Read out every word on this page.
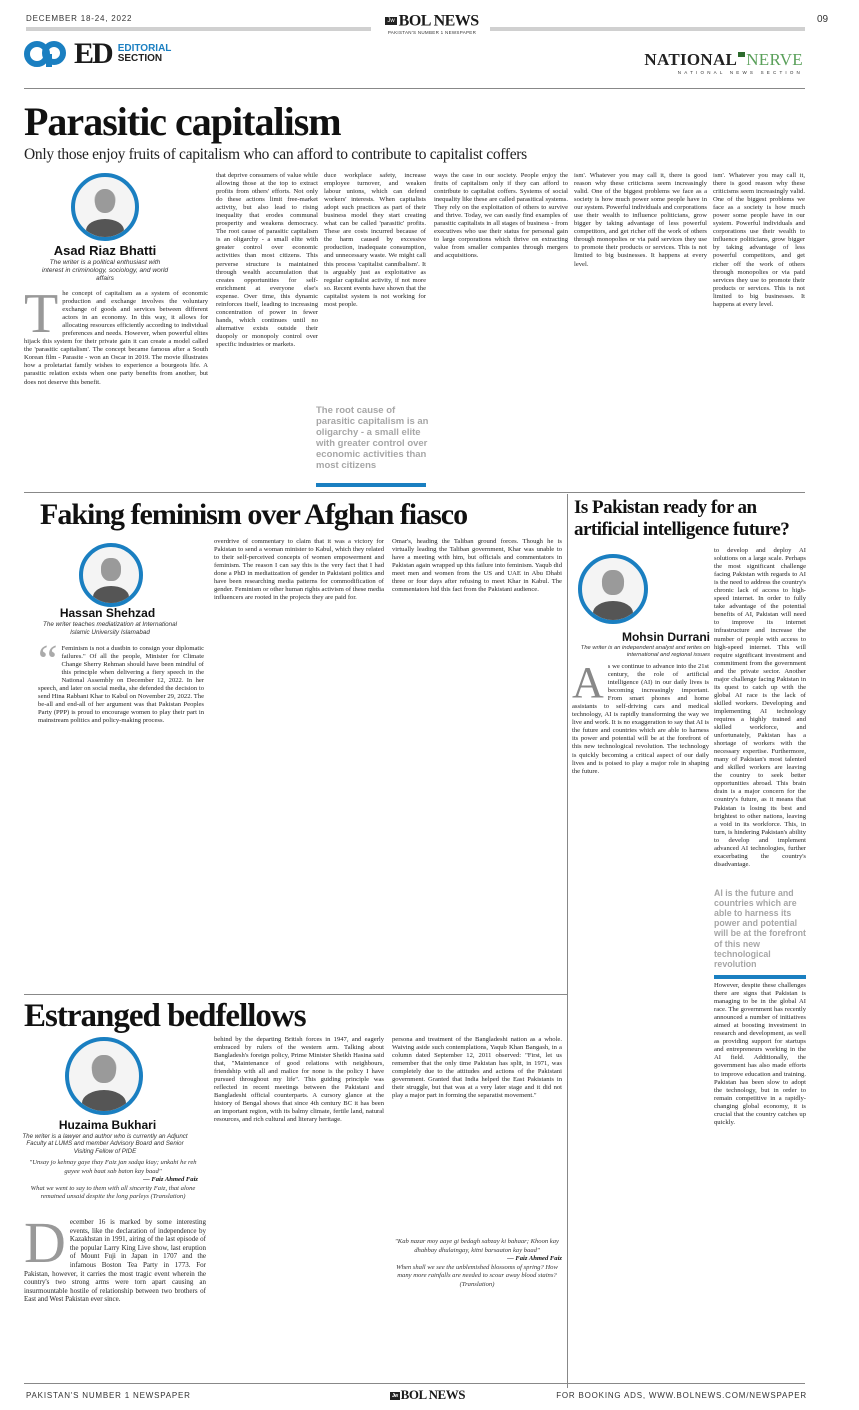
DECEMBER 18-24, 2022	Jw BOL NEWS
PAKISTAN'S NUMBER 1 NEWSPAPER
09
ED EDITORIAL
SECTION	NATIONAL NERVE
NATIONAL NEWS SECTION
Parasitic capitalism
Only those enjoy fruits of capitalism who can afford to contribute to capitalist coffers
Asad Riaz Bhatti
The writer is a political enthusiast with interest in criminology, sociology, and world affairs
The concept of capitalism as a system of economic production and exchange involves the voluntary exchange of goods and services between different actors in an economy. In this way, it allows for allocating resources efficiently according to individual preferences and needs. However, when powerful elites hijack this system for their private gain it can create a model called the 'parasitic capitalism'. The concept became famous after a South Korean film - Parasite - won an Oscar in 2019. The movie illustrates how a proletariat family wishes to experience a bourgeois life. A parasitic relation exists when one party benefits from another, but does not deserve this benefit.
that deprive consumers of value while allowing those at the top to extract profits from others' efforts. Not only do these actions limit free-market activity, but also lead to rising inequality that erodes communal prosperity and weakens democracy. The root cause of parasitic capitalism is an oligarchy - a small elite with greater control over economic activities than most citizens. This perverse structure is maintained through wealth accumulation that creates opportunities for self-enrichment at everyone else's expense. Over time, this dynamic reinforces itself, leading to increasing concentration of power in fewer hands, which continues until no alternative exists outside their duopoly or monopoly control over specific industries or markets.
duce workplace safety, increase employee turnover, and weaken labour unions, which can defend workers' interests. When capitalists adopt such practices as part of their business model they start creating what can be called 'parasitic' profits. These are costs incurred because of the harm caused by excessive production, inadequate consumption, and unnecessary waste. We might call this process 'capitalist cannibalism'. It is arguably just as exploitative as regular capitalist activity, if not more so. Recent events have shown that the capitalist system is not working for most people.
The root cause of parasitic capitalism is an oligarchy - a small elite with greater control over economic activities than most citizens
ways the case in our society. People enjoy the fruits of capitalism only if they can afford to contribute to capitalist coffers. Systems of social inequality like these are called parasitical systems. They rely on the exploitation of others to survive and thrive. Today, we can easily find examples of parasitic capitalists in all stages of business - from executives who use their status for personal gain to large corporations which thrive on extracting value from smaller companies through mergers and acquisitions.
ism'. Whatever you may call it, there is good reason why these criticisms seem increasingly valid. One of the biggest problems we face as a society is how much power some people have in our system. Powerful individuals and corporations use their wealth to influence politicians, grow bigger by taking advantage of less powerful competitors, and get richer off the work of others through monopolies or via paid services they use to promote their products or services. This is not limited to big businesses. It happens at every level.
ism'. Whatever you may call it, there is good reason why these criticisms seem increasingly valid. One of the biggest problems we face as a society is how much power some people have in our system. Powerful individuals and corporations use their wealth to influence politicians, grow bigger by taking advantage of less powerful competitors, and get richer off the work of others through monopolies or via paid services they use to promote their products or services. This is not limited to big businesses. It happens at every level.
Faking feminism over Afghan fiasco
Hassan Shehzad
The writer teaches mediatization at International Islamic University Islamabad
“ Feminism is not a dustbin to consign your diplomatic failures." Of all the people, Minister for Climate Change Sherry Rehman should have been mindful of this principle when delivering a fiery speech in the National Assembly on December 12, 2022. In her speech, and later on social media, she defended the decision to send Hina Rabbani Khar to Kabul on November 29, 2022. The be-all and end-all of her argument was that Pakistan Peoples Party (PPP) is proud to encourage women to play their part in mainstream politics and policy-making process.
overdrive of commentary to claim that it was a victory for Pakistan to send a woman minister to Kabul, which they related to their self-perceived concepts of women empowerment and feminism. The reason I can say this is the very fact that I had done a PhD in mediatization of gender in Pakistani politics and have been researching media patterns for commodification of gender. Feminism or other human rights activism of these media influencers are rooted in the projects they are paid for.
Omar's, heading the Taliban ground forces. Though he is virtually leading the Taliban government, Khar was unable to have a meeting with him, but officials and commentators in Pakistan again wrapped up this failure into feminism. Yaqub did meet men and women from the US and UAE in Abu Dhabi three or four days after refusing to meet Khar in Kabul. The commentators hid this fact from the Pakistani audience.
Is Pakistan ready for an artificial intelligence future?
Mohsin Durrani
The writer is an independent analyst and writes on international and regional issues
As we continue to advance into the 21st century, the role of artificial intelligence (AI) in our daily lives is becoming increasingly important. From smart phones and home assistants to self-driving cars and medical technology, AI is rapidly transforming the way we live and work. It is no exaggeration to say that AI is the future and countries which are able to harness its power and potential will be at the forefront of this new technological revolution. The technology is quickly becoming a critical aspect of our daily lives and is poised to play a major role in shaping the future.
to develop and deploy AI solutions on a large scale. Perhaps the most significant challenge facing Pakistan with regards to AI is the need to address the country's chronic lack of access to high-speed internet. In order to fully take advantage of the potential benefits of AI, Pakistan will need to improve its internet infrastructure and increase the number of people with access to high-speed internet. This will require significant investment and commitment from the government and the private sector. Another major challenge facing Pakistan in its quest to catch up with the global AI race is the lack of skilled workers. Developing and implementing AI technology requires a highly trained and skilled workforce, and unfortunately, Pakistan has a shortage of workers with the necessary expertise. Furthermore, many of Pakistan's most talented and skilled workers are leaving the country to seek better opportunities abroad. This brain drain is a major concern for the country's future, as it means that Pakistan is losing its best and brightest to other nations, leaving a void in its workforce. This, in turn, is hindering Pakistan's ability to develop and implement advanced AI technologies, further exacerbating the country's disadvantage.
AI is the future and countries which are able to harness its power and potential will be at the forefront of this new technological revolution
However, despite these challenges there are signs that Pakistan is managing to be in the global AI race. The government has recently announced a number of initiatives aimed at boosting investment in research and development, as well as providing support for startups and entrepreneurs working in the AI field. Additionally, the government has also made efforts to improve education and training. Pakistan has been slow to adopt the technology, but in order to remain competitive in a rapidly-changing global economy, it is crucial that the country catches up quickly.
Estranged bedfellows
Huzaima Bukhari
The writer is a lawyer and author who is currently an Adjunct Faculty at LUMS and member Advisory Board and Senior Visiting Fellow of PIDE
"Unsay jo kehnay gaye thay Faiz jan sadqa kiay; unkahi he reh gayee woh baat sab baton kay baad"
— Faiz Ahmed Faiz
What we went to say to them with all sincerity Faiz, that alone remained unsaid despite the long parleys (Translation)
December 16 is marked by some interesting events, like the declaration of independence by Kazakhstan in 1991, airing of the last episode of the popular Larry King Live show, last eruption of Mount Fuji in Japan in 1707 and the infamous Boston Tea Party in 1773. For Pakistan, however, it carries the most tragic event wherein the country's two strong arms were torn apart causing an insurmountable hostile of relationship between two brothers of East and West Pakistan ever since.
behind by the departing British forces in 1947, and eagerly embraced by rulers of the western arm. Talking about Bangladesh's foreign policy, Prime Minister Sheikh Hasina said that, "Maintenance of good relations with neighbours, friendship with all and malice for none is the policy I have pursued throughout my life". This guiding principle was reflected in recent meetings between the Pakistani and Bangladeshi official counterparts. A cursory glance at the history of Bengal shows that since 4th century BC it has been an important region, with its balmy climate, fertile land, natural resources, and rich cultural and literary heritage.
persona and treatment of the Bangladeshi nation as a whole. Waiving aside such contemplations, Yaqub Khan Bangash, in a column dated September 12, 2011 observed: "First, let us remember that the only time Pakistan has split, in 1971, was completely due to the attitudes and actions of the Pakistani government. Granted that India helped the East Pakistanis in their struggle, but that was at a very later stage and it did not play a major part in forming the separatist movement."
"Kab nazar moy aaye gi bedagh sabzay ki bahaar; Khoon kay dhabbay dhulaingay, kitni barsaaton kay baad"
— Faiz Ahmed Faiz
When shall we see the unblemished blossoms of spring? How many more rainfalls are needed to scour away blood stains? (Translation)
PAKISTAN'S NUMBER 1 NEWSPAPER	Jw BOL NEWS	FOR BOOKING ADS, WWW.BOLNEWS.COM/NEWSPAPER
